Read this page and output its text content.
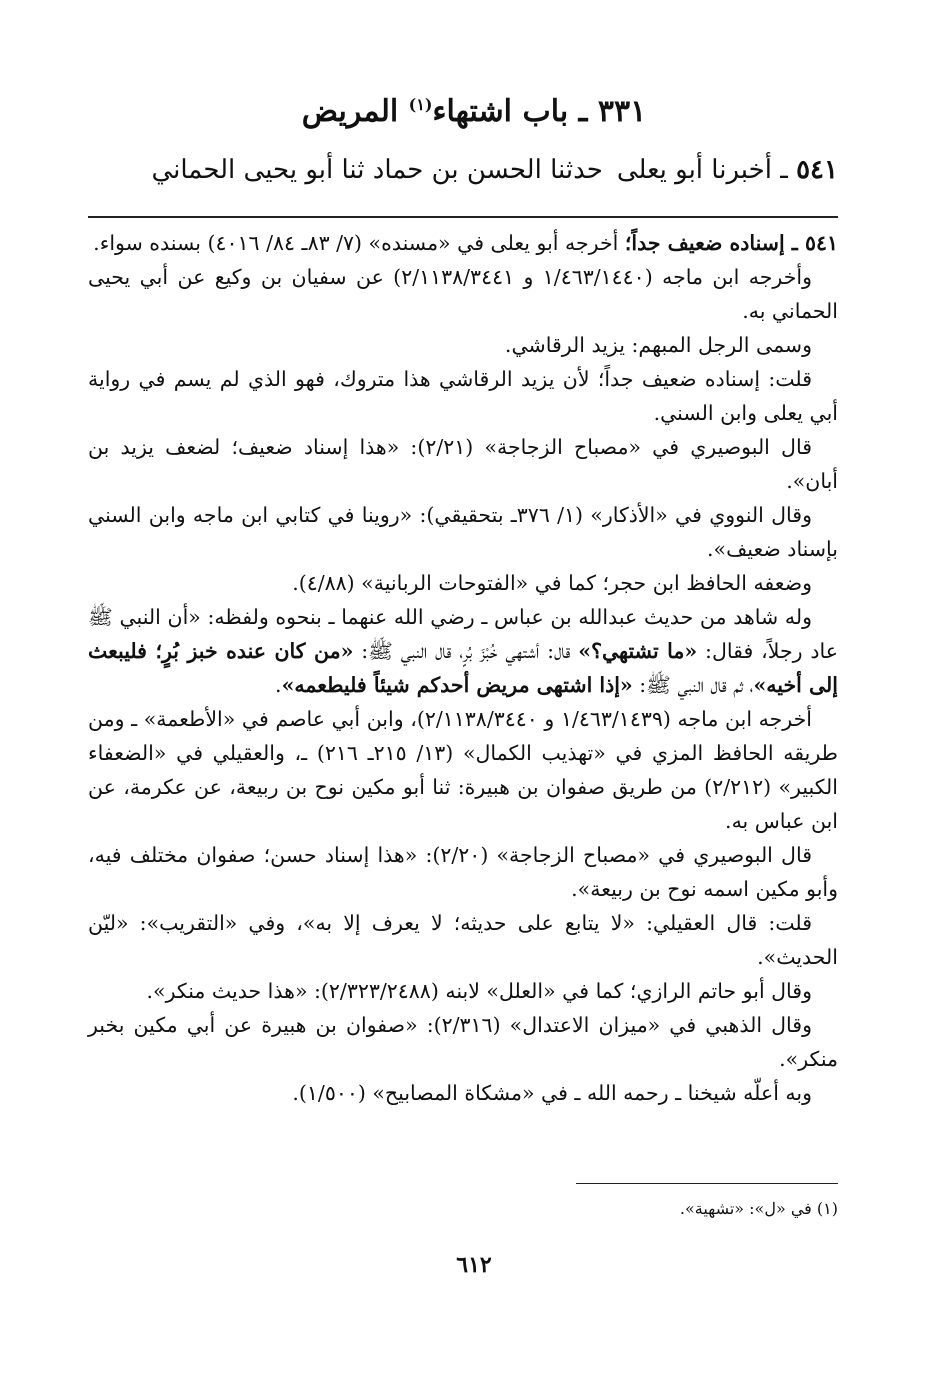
٣٣١ ـ باب اشتهاء$^{(١)}$ المريض
٥٤١ ـ أخبرنا أبو يعلىحدثنا الحسن بن حماد ثنا أبو يحيى الحماني

٥٤١ ـ إسناده ضعيف جداً؛ أخرجه أبو يعلى في «مسنده» (٧/ ٨٣ـ ٨٤/ ٤٠١٦) بسنده سواء.

وأخرجه ابن ماجه (١/٤٦٣/١٤٤٠ و ٢/١١٣٨/٣٤٤١) عن سفيان بن وكيع عن أبي يحيى الحماني به.

وسمى الرجل المبهم: يزيد الرقاشي.

قلت: إسناده ضعيف جداً؛ لأن يزيد الرقاشي هذا متروك، فهو الذي لم يسم في رواية أبي يعلى وابن السني.

قال البوصيري في «مصباح الزجاجة» (٢/٢١): «هذا إسناد ضعيف؛ لضعف يزيد بن أبان».

وقال النووي في «الأذكار» (١/ ٣٧٦ـ بتحقيقي): «روينا في كتابي ابن ماجه وابن السني بإسناد ضعيف».

وضعفه الحافظ ابن حجر؛ كما في «الفتوحات الربانية» (٤/٨٨).

وله شاهد من حديث عبدالله بن عباس ـ رضي الله عنهما ـ بنحوه ولفظه: «أن النبي ﷺ عاد رجلاً، فقال: «ما تشتهي؟» قال: أشتهي خُبْزَ بُرٍ، قال النبي ﷺ: «من كان عنده خبز بُرٍ؛ فليبعث إلى أخيه»، ثم قال النبي ﷺ: «إذا اشتهى مريض أحدكم شيئاً فليطعمه».

أخرجه ابن ماجه (١/٤٦٣/١٤٣٩ و ٢/١١٣٨/٣٤٤٠)، وابن أبي عاصم في «الأطعمة» ـ ومن طريقه الحافظ المزي في «تهذيب الكمال» (١٣/ ٢١٥ـ ٢١٦) ـ، والعقيلي في «الضعفاء الكبير» (٢/٢١٢) من طريق صفوان بن هبيرة: ثنا أبو مكين نوح بن ربيعة، عن عكرمة، عن ابن عباس به.

قال البوصيري في «مصباح الزجاجة» (٢/٢٠): «هذا إسناد حسن؛ صفوان مختلف فيه، وأبو مكين اسمه نوح بن ربيعة».

قلت: قال العقيلي: «لا يتابع على حديثه؛ لا يعرف إلا به»، وفي «التقريب»: «ليّن الحديث».

وقال أبو حاتم الرازي؛ كما في «العلل» لابنه (٢/٣٢٣/٢٤٨٨): «هذا حديث منكر».

وقال الذهبي في «ميزان الاعتدال» (٢/٣١٦): «صفوان بن هبيرة عن أبي مكين بخبر منكر».

وبه أعلّه شيخنا ـ رحمه الله ـ في «مشكاة المصابيح» (١/٥٠٠).

(١) في «ل»: «تشهية».
٦١٢
